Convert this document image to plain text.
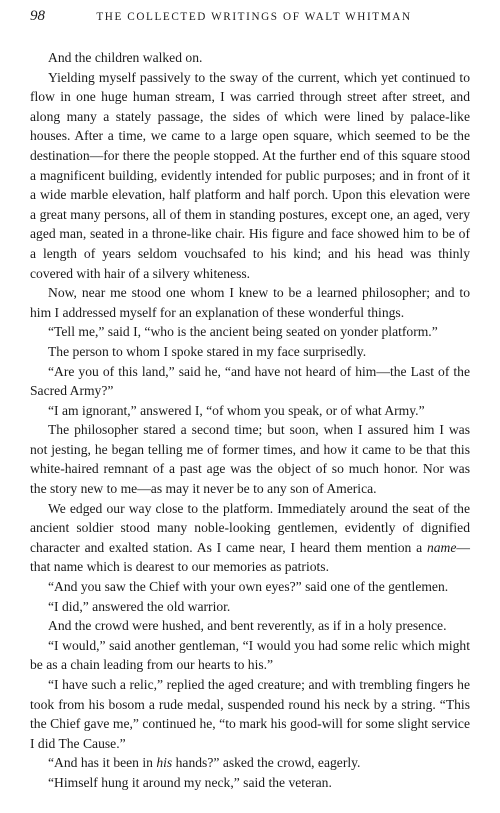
98	THE COLLECTED WRITINGS OF WALT WHITMAN

And the children walked on.

Yielding myself passively to the sway of the current, which yet continued to flow in one huge human stream, I was carried through street after street, and along many a stately passage, the sides of which were lined by palace-like houses. After a time, we came to a large open square, which seemed to be the destination—for there the people stopped. At the further end of this square stood a magnificent building, evidently intended for public purposes; and in front of it a wide marble elevation, half platform and half porch. Upon this elevation were a great many persons, all of them in standing postures, except one, an aged, very aged man, seated in a throne-like chair. His figure and face showed him to be of a length of years seldom vouchsafed to his kind; and his head was thinly covered with hair of a silvery whiteness.

Now, near me stood one whom I knew to be a learned philosopher; and to him I addressed myself for an explanation of these wonderful things.

“Tell me,” said I, “who is the ancient being seated on yonder platform.”

The person to whom I spoke stared in my face surprisedly.

“Are you of this land,” said he, “and have not heard of him—the Last of the Sacred Army?”

“I am ignorant,” answered I, “of whom you speak, or of what Army.”

The philosopher stared a second time; but soon, when I assured him I was not jesting, he began telling me of former times, and how it came to be that this white-haired remnant of a past age was the object of so much honor. Nor was the story new to me—as may it never be to any son of America.

We edged our way close to the platform. Immediately around the seat of the ancient soldier stood many noble-looking gentlemen, evidently of dignified character and exalted station. As I came near, I heard them mention a name—that name which is dearest to our memories as patriots.

“And you saw the Chief with your own eyes?” said one of the gentlemen.

“I did,” answered the old warrior.

And the crowd were hushed, and bent reverently, as if in a holy presence.

“I would,” said another gentleman, “I would you had some relic which might be as a chain leading from our hearts to his.”

“I have such a relic,” replied the aged creature; and with trembling fingers he took from his bosom a rude medal, suspended round his neck by a string. “This the Chief gave me,” continued he, “to mark his good-will for some slight service I did The Cause.”

“And has it been in his hands?” asked the crowd, eagerly.

“Himself hung it around my neck,” said the veteran.
